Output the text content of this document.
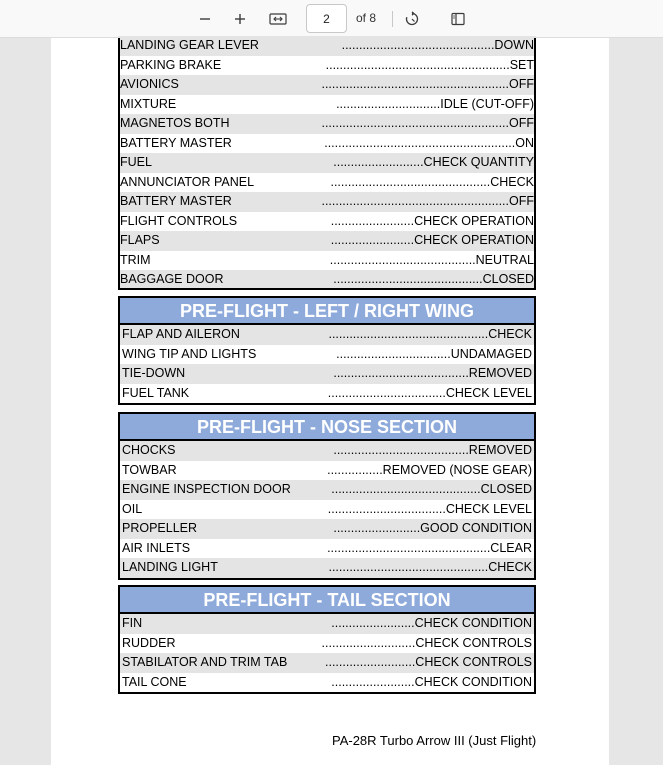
2
of 8
LANDING GEAR LEVER	............................................DOWN
PARKING BRAKE	.....................................................SET
AVIONICS	......................................................OFF
MIXTURE	..............................IDLE (CUT-OFF)
MAGNETOS BOTH	......................................................OFF
BATTERY MASTER	.......................................................ON
FUEL	..........................CHECK QUANTITY
ANNUNCIATOR PANEL	..............................................CHECK
BATTERY MASTER	......................................................OFF
FLIGHT CONTROLS	........................CHECK OPERATION
FLAPS	........................CHECK OPERATION
TRIM	..........................................NEUTRAL
BAGGAGE DOOR	...........................................CLOSED
PRE-FLIGHT - LEFT / RIGHT WING
FLAP AND AILERON	..............................................CHECK
WING TIP AND LIGHTS	.................................UNDAMAGED
TIE-DOWN	.......................................REMOVED
FUEL TANK	..................................CHECK LEVEL
PRE-FLIGHT - NOSE SECTION
CHOCKS	.......................................REMOVED
TOWBAR	................REMOVED (NOSE GEAR)
ENGINE INSPECTION DOOR	...........................................CLOSED
OIL	..................................CHECK LEVEL
PROPELLER	.........................GOOD CONDITION
AIR INLETS	...............................................CLEAR
LANDING LIGHT	..............................................CHECK
PRE-FLIGHT - TAIL SECTION
FIN	........................CHECK CONDITION
RUDDER	...........................CHECK CONTROLS
STABILATOR AND TRIM TAB	..........................CHECK CONTROLS
TAIL CONE	........................CHECK CONDITION
PA-28R Turbo Arrow III (Just Flight)
